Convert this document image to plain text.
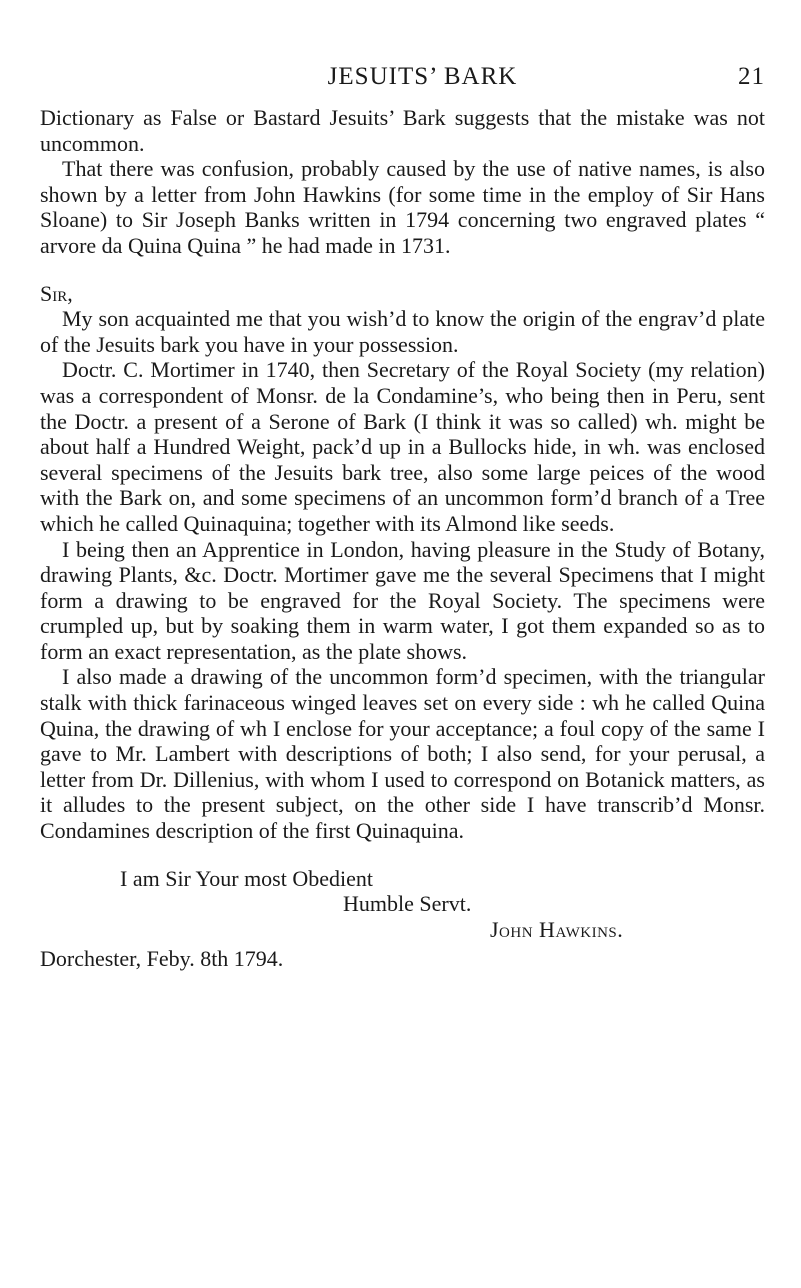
JESUITS’ BARK	21

Dictionary as False or Bastard Jesuits’ Bark suggests that the mistake was not uncommon.

That there was confusion, probably caused by the use of native names, is also shown by a letter from John Hawkins (for some time in the employ of Sir Hans Sloane) to Sir Joseph Banks written in 1794 concerning two engraved plates “ arvore da Quina Quina ” he had made in 1731.

Sir,

My son acquainted me that you wish’d to know the origin of the engrav’d plate of the Jesuits bark you have in your possession.

Doctr. C. Mortimer in 1740, then Secretary of the Royal Society (my relation) was a correspondent of Monsr. de la Condamine’s, who being then in Peru, sent the Doctr. a present of a Serone of Bark (I think it was so called) wh. might be about half a Hundred Weight, pack’d up in a Bullocks hide, in wh. was enclosed several specimens of the Jesuits bark tree, also some large peices of the wood with the Bark on, and some specimens of an uncommon form’d branch of a Tree which he called Quinaquina; together with its Almond like seeds.

I being then an Apprentice in London, having pleasure in the Study of Botany, drawing Plants, &c. Doctr. Mortimer gave me the several Specimens that I might form a drawing to be engraved for the Royal Society. The specimens were crumpled up, but by soaking them in warm water, I got them expanded so as to form an exact representation, as the plate shows.

I also made a drawing of the uncommon form’d specimen, with the triangular stalk with thick farinaceous winged leaves set on every side : wh he called Quina Quina, the drawing of wh I enclose for your acceptance; a foul copy of the same I gave to Mr. Lambert with descriptions of both; I also send, for your perusal, a letter from Dr. Dillenius, with whom I used to correspond on Botanick matters, as it alludes to the present subject, on the other side I have transcrib’d Monsr. Condamines description of the first Quinaquina.

I am Sir Your most Obedient

Humble Servt.

John Hawkins.

Dorchester, Feby. 8th 1794.
